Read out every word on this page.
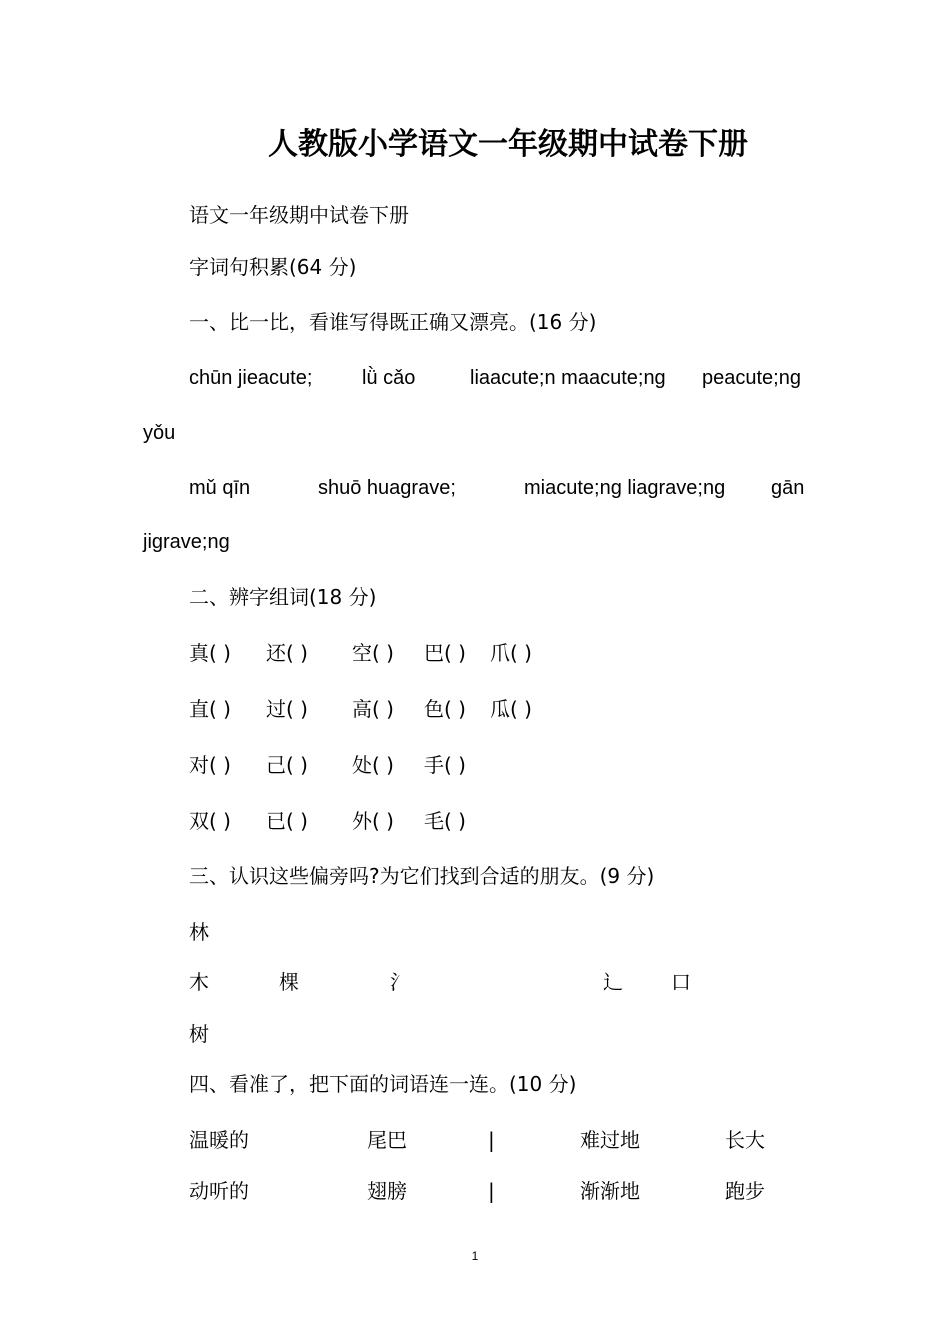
人教版小学语文一年级期中试卷下册
语文一年级期中试卷下册
字词句积累(64 分)
一、比一比，看谁写得既正确又漂亮。(16 分)
chūn jieacute; lǜ cǎo	liaacute;n maacute;ng peacute;ng
yǒu
mǔ qīn	shuō huagrave;	miacute;ng liagrave;ng gān
jigrave;ng
二、辨字组词(18 分)
真( ) 还( ) 空( ) 巴( ) 爪( )
直( ) 过( ) 高( ) 色( ) 瓜( )
对( ) 己( ) 处( ) 手( )
双( ) 已( ) 外( ) 毛( )
三、认识这些偏旁吗?为它们找到合适的朋友。(9 分)
林
木	棵	氵	辶 口
树
四、看准了，把下面的词语连一连。(10 分)
温暖的	尾巴	|	难过地	长大
动听的	翅膀	|	渐渐地	跑步
1
